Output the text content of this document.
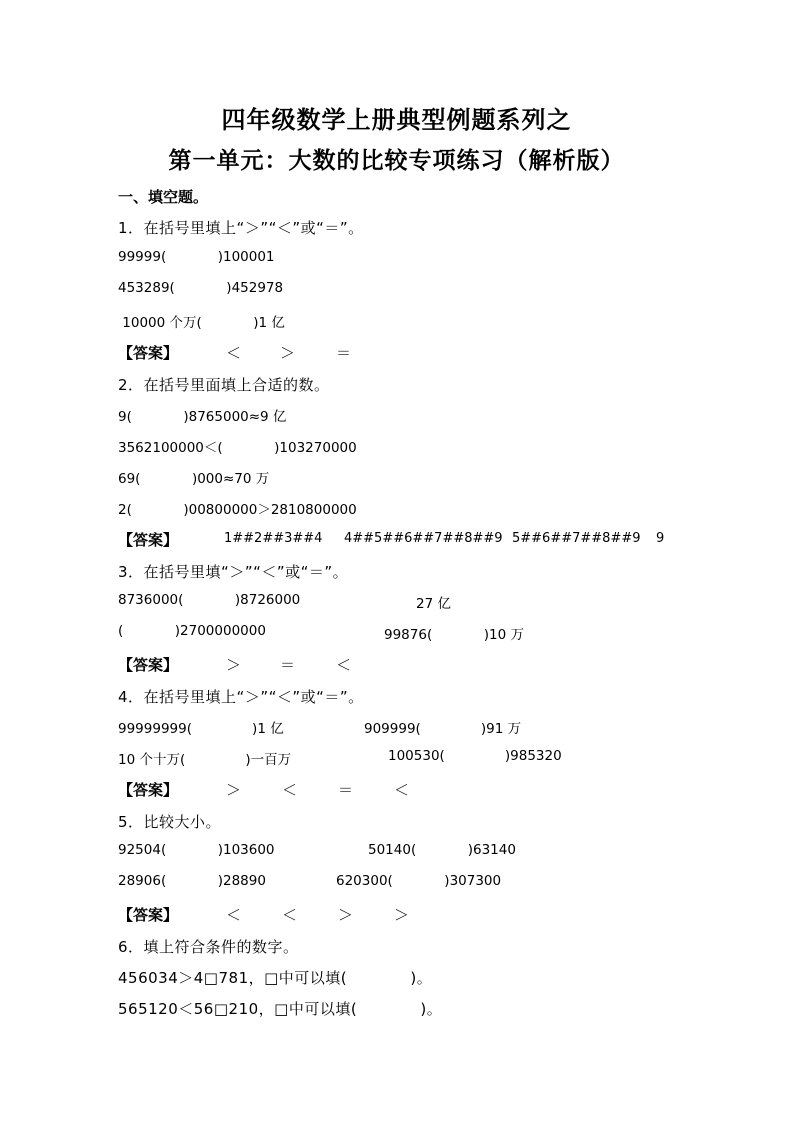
四年级数学上册典型例题系列之
第一单元：大数的比较专项练习（解析版）
一、填空题。
1．在括号里填上“＞”“＜”或“＝”。
99999(            )100001
453289(            )452978
10000 个万(            )1 亿
【答案】	＜	＞	＝
2．在括号里面填上合适的数。
9(            )8765000≈9 亿
3562100000＜(            )103270000
69(            )000≈70 万
2(            )00800000＞2810800000
【答案】	1##2##3##4 4##5##6##7##8##9 5##6##7##8##9 9
3．在括号里填“＞”“＜”或“＝”。
8736000(            )8726000	27 亿
(            )2700000000	99876(            )10 万
【答案】	＞	＝	＜
4．在括号里填上“＞”“＜”或“＝”。
99999999(              )1 亿	909999(              )91 万
10 个十万(              )一百万	100530(              )985320
【答案】	＞	＜	＝	＜
5．比较大小。
92504(            )103600	50140(            )63140
28906(            )28890	620300(            )307300
【答案】	＜	＜	＞	＞
6．填上符合条件的数字。
456034＞4□781，□中可以填(            )。
565120＜56□210，□中可以填(            )。
